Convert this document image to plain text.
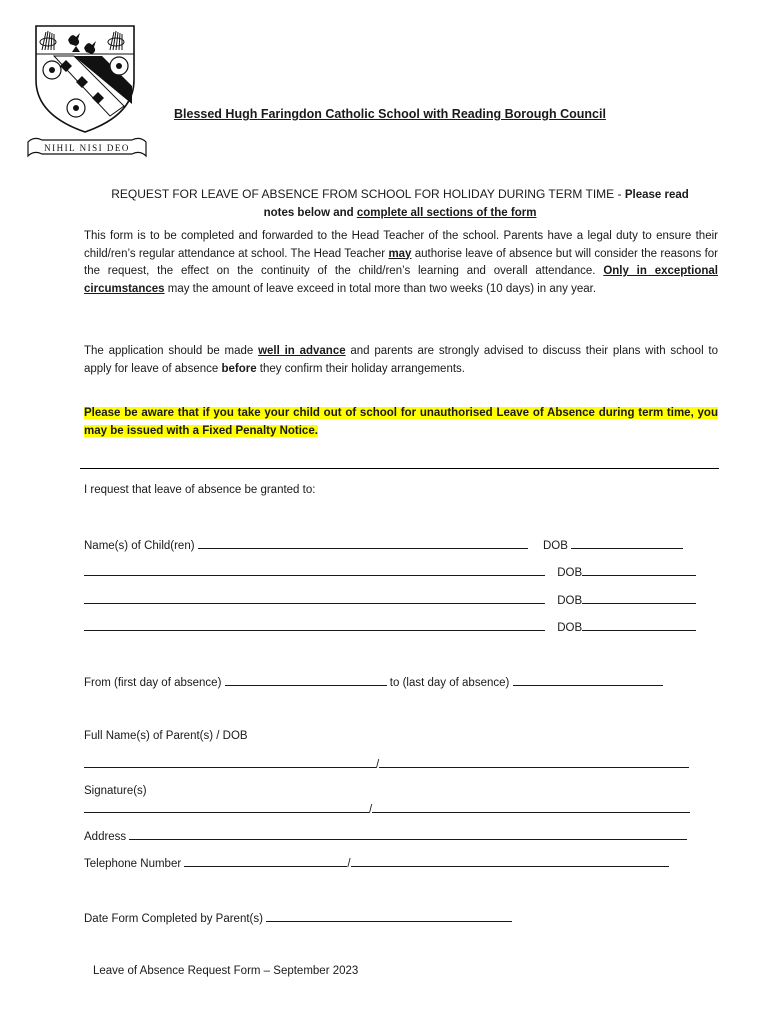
NIHIL NISI DEO
Blessed Hugh Faringdon Catholic School with Reading Borough Council
REQUEST FOR LEAVE OF ABSENCE FROM SCHOOL FOR HOLIDAY DURING TERM TIME - Please read
notes below and complete all sections of the form
This form is to be completed and forwarded to the Head Teacher of the school. Parents have a legal duty to ensure their child/ren’s regular attendance at school. The Head Teacher may authorise leave of absence but will consider the reasons for the request, the effect on the continuity of the child/ren’s learning and overall attendance. Only in exceptional circumstances may the amount of leave exceed in total more than two weeks (10 days) in any year.
The application should be made well in advance and parents are strongly advised to discuss their plans with school to apply for leave of absence before they confirm their holiday arrangements.
Please be aware that if you take your child out of school for unauthorised Leave of Absence during term time, you may be issued with a Fixed Penalty Notice.
I request that leave of absence be granted to:
Name(s) of Child(ren)	DOB
DOB
DOB
DOB
From (first day of absence)	to (last day of absence)
Full Name(s) of Parent(s) / DOB
/
Signature(s)
/
Address
Telephone Number	/
Date Form Completed by Parent(s)
Leave of Absence Request Form – September 2023
